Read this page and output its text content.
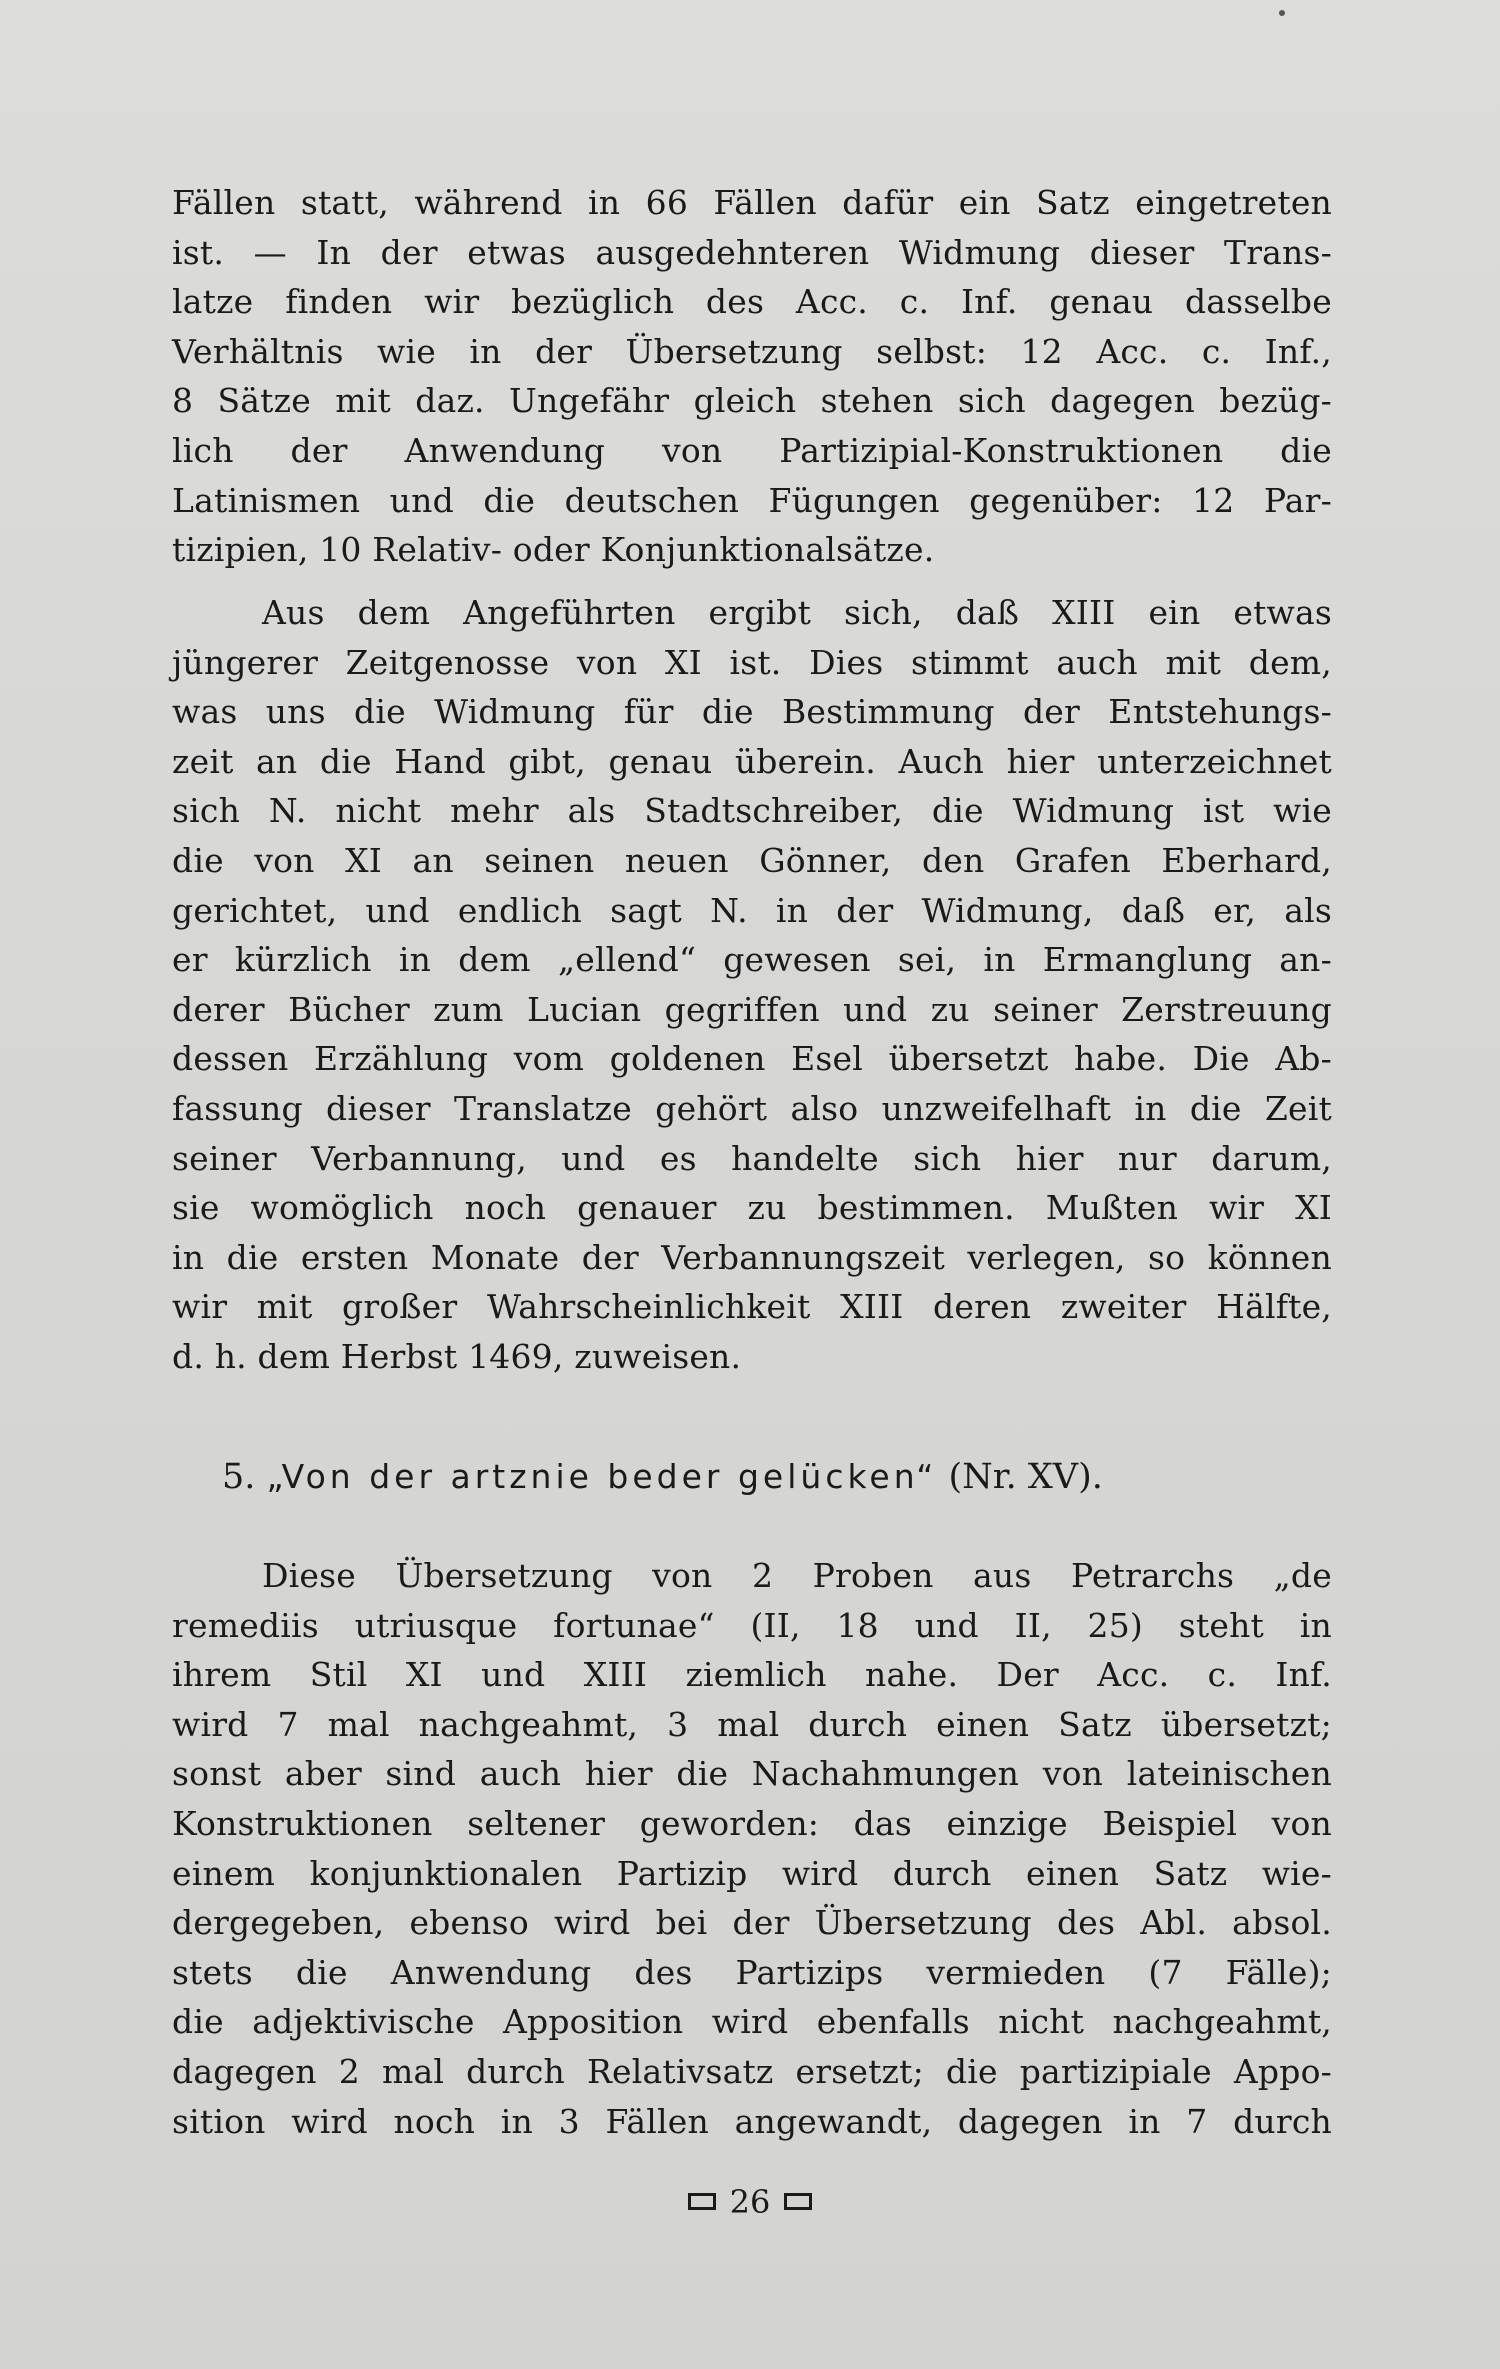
Fällen statt, während in 66 Fällen dafür ein Satz eingetreten
ist. — In der etwas ausgedehnteren Widmung dieser Trans-
latze finden wir bezüglich des Acc. c. Inf. genau dasselbe
Verhältnis wie in der Übersetzung selbst: 12 Acc. c. Inf.,
8 Sätze mit daz. Ungefähr gleich stehen sich dagegen bezüg-
lich der Anwendung von Partizipial-Konstruktionen die
Latinismen und die deutschen Fügungen gegenüber: 12 Par-
tizipien, 10 Relativ- oder Konjunktionalsätze.
Aus dem Angeführten ergibt sich, daß XIII ein etwas
jüngerer Zeitgenosse von XI ist. Dies stimmt auch mit dem,
was uns die Widmung für die Bestimmung der Entstehungs-
zeit an die Hand gibt, genau überein. Auch hier unterzeichnet
sich N. nicht mehr als Stadtschreiber, die Widmung ist wie
die von XI an seinen neuen Gönner, den Grafen Eberhard,
gerichtet, und endlich sagt N. in der Widmung, daß er, als
er kürzlich in dem „ellend“ gewesen sei, in Ermanglung an-
derer Bücher zum Lucian gegriffen und zu seiner Zerstreuung
dessen Erzählung vom goldenen Esel übersetzt habe. Die Ab-
fassung dieser Translatze gehört also unzweifelhaft in die Zeit
seiner Verbannung, und es handelte sich hier nur darum,
sie womöglich noch genauer zu bestimmen. Mußten wir XI
in die ersten Monate der Verbannungszeit verlegen, so können
wir mit großer Wahrscheinlichkeit XIII deren zweiter Hälfte,
d. h. dem Herbst 1469, zuweisen.
5. „Von der artznie beder gelücken“ (Nr. XV).
Diese Übersetzung von 2 Proben aus Petrarchs „de
remediis utriusque fortunae“ (II, 18 und II, 25) steht in
ihrem Stil XI und XIII ziemlich nahe. Der Acc. c. Inf.
wird 7 mal nachgeahmt, 3 mal durch einen Satz übersetzt;
sonst aber sind auch hier die Nachahmungen von lateinischen
Konstruktionen seltener geworden: das einzige Beispiel von
einem konjunktionalen Partizip wird durch einen Satz wie-
dergegeben, ebenso wird bei der Übersetzung des Abl. absol.
stets die Anwendung des Partizips vermieden (7 Fälle);
die adjektivische Apposition wird ebenfalls nicht nachgeahmt,
dagegen 2 mal durch Relativsatz ersetzt; die partizipiale Appo-
sition wird noch in 3 Fällen angewandt, dagegen in 7 durch
26
